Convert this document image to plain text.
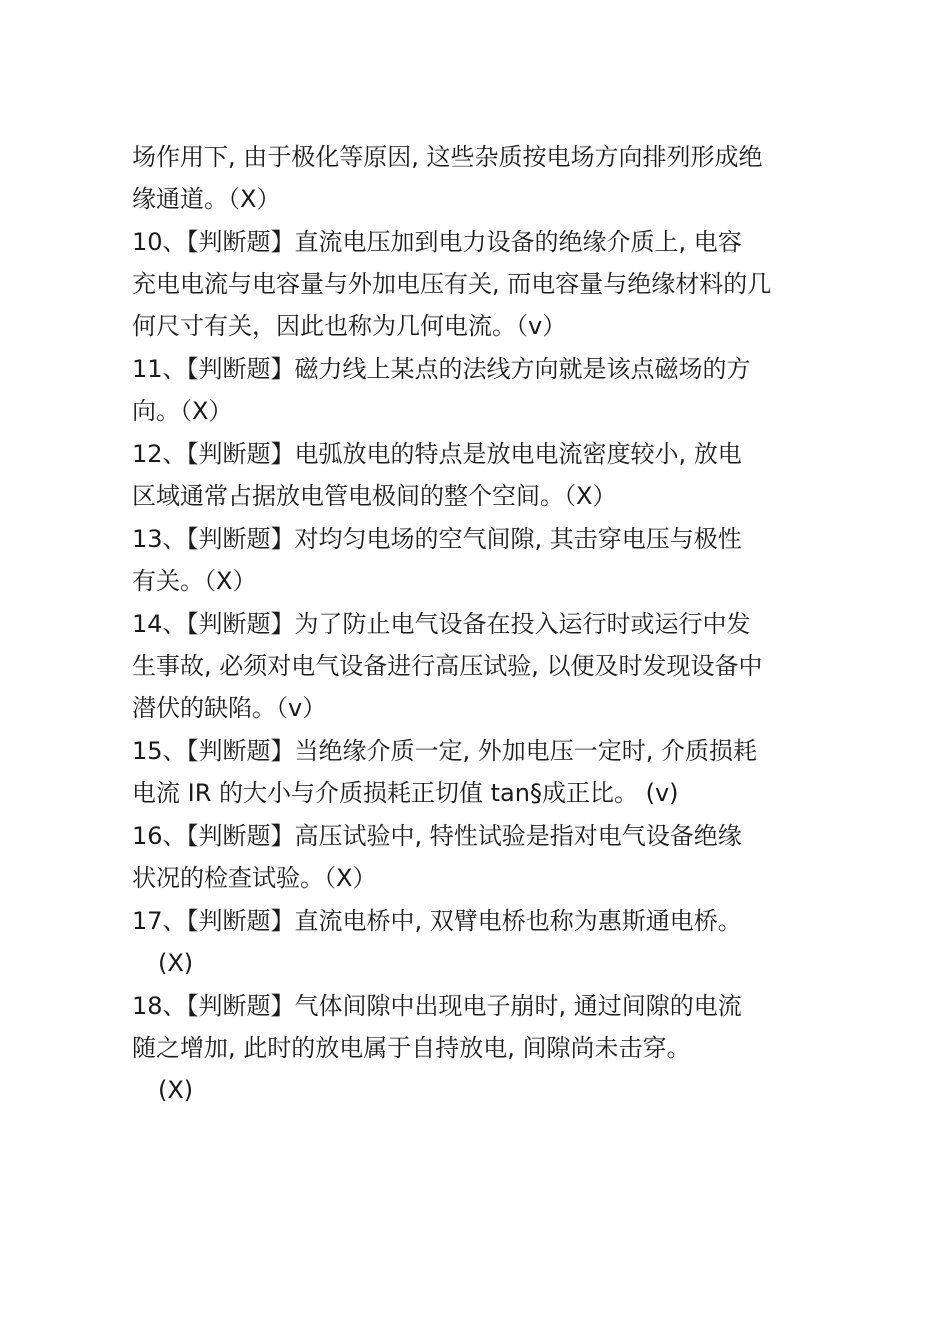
场作用下, 由于极化等原因, 这些杂质按电场方向排列形成绝
缘通道。（X）

10、【判断题】直流电压加到电力设备的绝缘介质上, 电容
充电电流与电容量与外加电压有关, 而电容量与绝缘材料的几
何尺寸有关，因此也称为几何电流。（v）

11、【判断题】磁力线上某点的法线方向就是该点磁场的方
向。（X）

12、【判断题】电弧放电的特点是放电电流密度较小, 放电
区域通常占据放电管电极间的整个空间。（X）

13、【判断题】对均匀电场的空气间隙, 其击穿电压与极性
有关。（X）

14、【判断题】为了防止电气设备在投入运行时或运行中发
生事故, 必须对电气设备进行高压试验, 以便及时发现设备中
潜伏的缺陷。（v）

15、【判断题】当绝缘介质一定, 外加电压一定时, 介质损耗
电流 IR 的大小与介质损耗正切值 tan§成正比。 (v)

16、【判断题】高压试验中, 特性试验是指对电气设备绝缘
状况的检查试验。（X）

17、【判断题】直流电桥中, 双臂电桥也称为惠斯通电桥。
(X)

18、【判断题】气体间隙中出现电子崩时, 通过间隙的电流
随之增加, 此时的放电属于自持放电, 间隙尚未击穿。
(X)
